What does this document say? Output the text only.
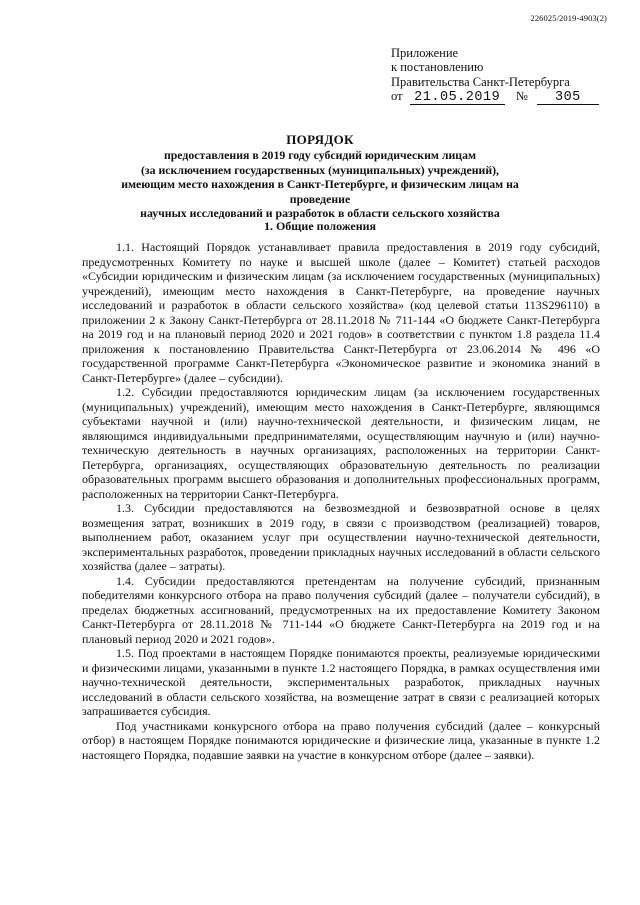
226025/2019-4903(2)
Приложение
к постановлению
Правительства Санкт-Петербурга
от 21.05.2019 № 305
ПОРЯДОК
предоставления в 2019 году субсидий юридическим лицам
(за исключением государственных (муниципальных) учреждений),
имеющим место нахождения в Санкт-Петербурге, и физическим лицам на проведение
научных исследований и разработок в области сельского хозяйства
1. Общие положения

1.1. Настоящий Порядок устанавливает правила предоставления в 2019 году субсидий, предусмотренных Комитету по науке и высшей школе (далее – Комитет) статьей расходов «Субсидии юридическим и физическим лицам (за исключением государственных (муниципальных) учреждений), имеющим место нахождения в Санкт-Петербурге, на проведение научных исследований и разработок в области сельского хозяйства» (код целевой статьи 113S296110) в приложении 2 к Закону Санкт-Петербурга от 28.11.2018 № 711-144 «О бюджете Санкт-Петербурга на 2019 год и на плановый период 2020 и 2021 годов» в соответствии с пунктом 1.8 раздела 11.4 приложения к постановлению Правительства Санкт-Петербурга от 23.06.2014 № 496 «О государственной программе Санкт-Петербурга «Экономическое развитие и экономика знаний в Санкт-Петербурге» (далее – субсидии).

1.2. Субсидии предоставляются юридическим лицам (за исключением государственных (муниципальных) учреждений), имеющим место нахождения в Санкт-Петербурге, являющимся субъектами научной и (или) научно-технической деятельности, и физическим лицам, не являющимся индивидуальными предпринимателями, осуществляющим научную и (или) научно-техническую деятельность в научных организациях, расположенных на территории Санкт-Петербурга, организациях, осуществляющих образовательную деятельность по реализации образовательных программ высшего образования и дополнительных профессиональных программ, расположенных на территории Санкт-Петербурга.

1.3. Субсидии предоставляются на безвозмездной и безвозвратной основе в целях возмещения затрат, возникших в 2019 году, в связи с производством (реализацией) товаров, выполнением работ, оказанием услуг при осуществлении научно-технической деятельности, экспериментальных разработок, проведении прикладных научных исследований в области сельского хозяйства (далее – затраты).

1.4. Субсидии предоставляются претендентам на получение субсидий, признанным победителями конкурсного отбора на право получения субсидий (далее – получатели субсидий), в пределах бюджетных ассигнований, предусмотренных на их предоставление Комитету Законом Санкт-Петербурга от 28.11.2018 № 711-144 «О бюджете Санкт-Петербурга на 2019 год и на плановый период 2020 и 2021 годов».

1.5. Под проектами в настоящем Порядке понимаются проекты, реализуемые юридическими и физическими лицами, указанными в пункте 1.2 настоящего Порядка, в рамках осуществления ими научно-технической деятельности, экспериментальных разработок, прикладных научных исследований в области сельского хозяйства, на возмещение затрат в связи с реализацией которых запрашивается субсидия.

Под участниками конкурсного отбора на право получения субсидий (далее – конкурсный отбор) в настоящем Порядке понимаются юридические и физические лица, указанные в пункте 1.2 настоящего Порядка, подавшие заявки на участие в конкурсном отборе (далее – заявки).
